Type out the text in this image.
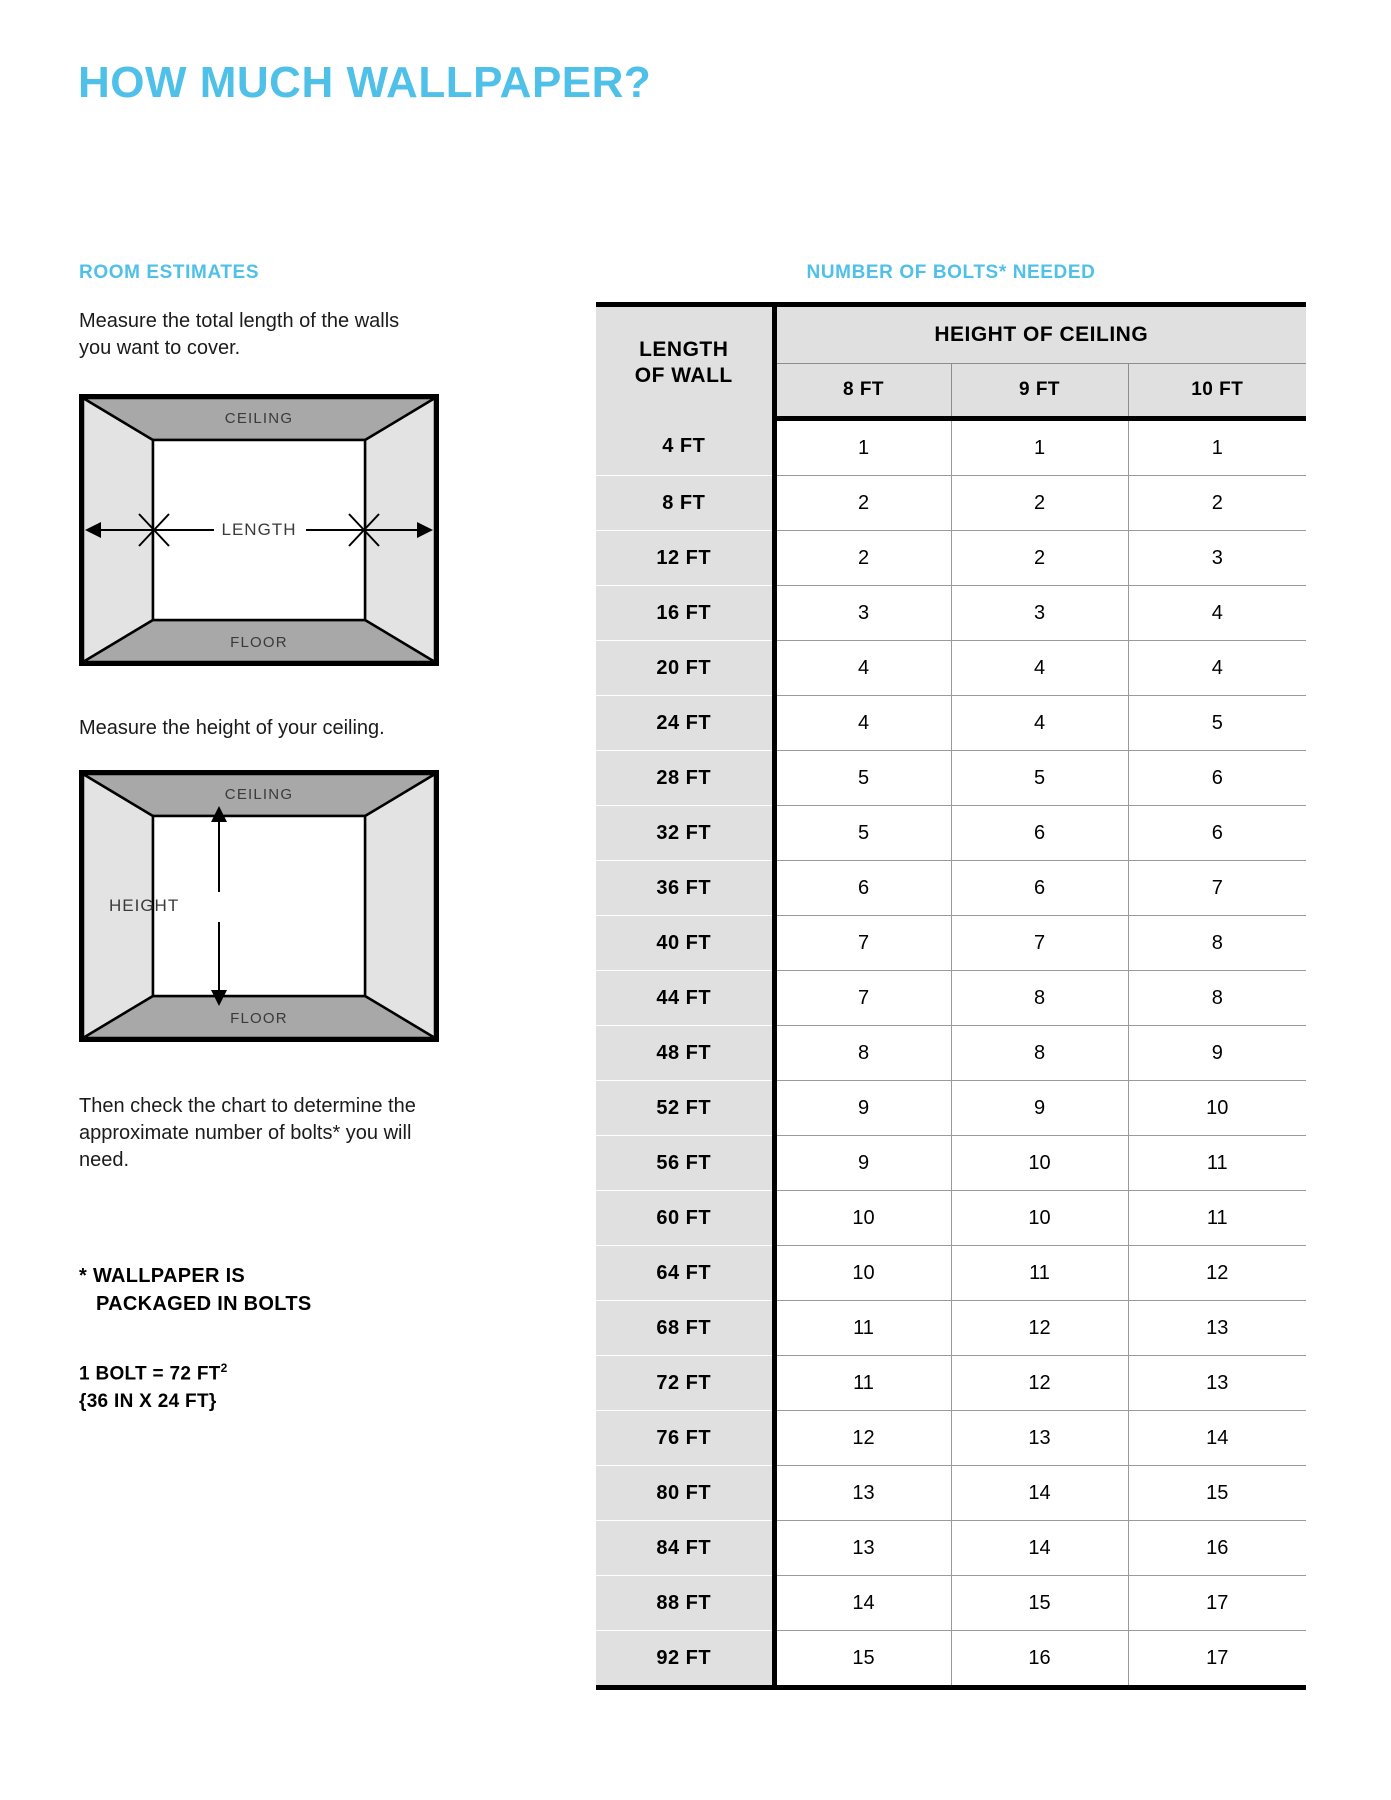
HOW MUCH WALLPAPER?
ROOM ESTIMATES

Measure the total length of the walls you want to cover.

CEILING
FLOOR
LENGTH

Measure the height of your ceiling.

CEILING
FLOOR
HEIGHT

Then check the chart to determine the approximate number of bolts* you will need.

* WALLPAPER IS
PACKAGED IN BOLTS
1 BOLT = 72 $FT^2$
{36 IN X 24 FT}
NUMBER OF BOLTS* NEEDED
LENGTH
OF WALL	HEIGHT OF CEILING		
	8 FT	9 FT	10 FT
4 FT	1	1	1
8 FT	2	2	2
12 FT	2	2	3
16 FT	3	3	4
20 FT	4	4	4
24 FT	4	4	5
28 FT	5	5	6
32 FT	5	6	6
36 FT	6	6	7
40 FT	7	7	8
44 FT	7	8	8
48 FT	8	8	9
52 FT	9	9	10
56 FT	9	10	11
60 FT	10	10	11
64 FT	10	11	12
68 FT	11	12	13
72 FT	11	12	13
76 FT	12	13	14
80 FT	13	14	15
84 FT	13	14	16
88 FT	14	15	17
92 FT	15	16	17
